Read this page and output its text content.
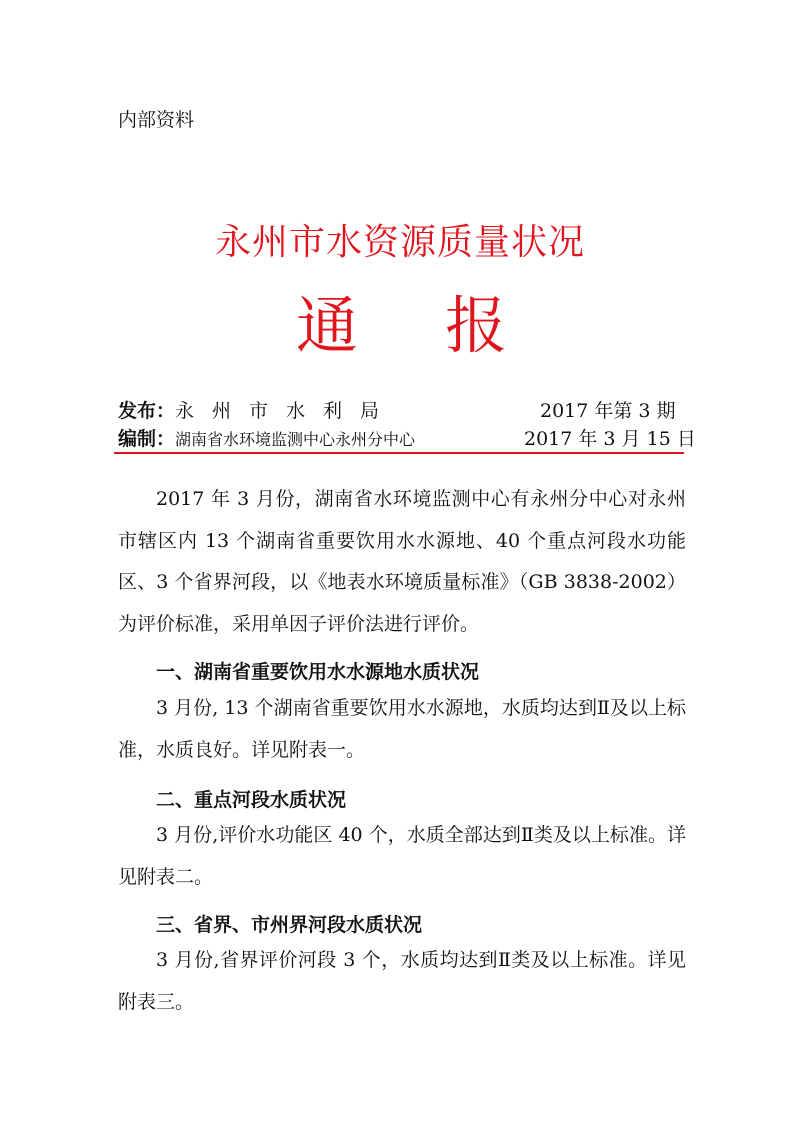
内部资料
永州市水资源质量状况
通 报
发布：永州市水利局	2017 年第 3 期
编制：湖南省水环境监测中心永州分中心	2017 年 3 月 15 日
2017 年 3 月份，湖南省水环境监测中心有永州分中心对永州市辖区内 13 个湖南省重要饮用水水源地、40 个重点河段水功能区、3 个省界河段，以《地表水环境质量标准》（GB 3838-2002）为评价标准，采用单因子评价法进行评价。
一、湖南省重要饮用水水源地水质状况
3 月份, 13 个湖南省重要饮用水水源地，水质均达到Ⅱ及以上标准，水质良好。详见附表一。
二、重点河段水质状况
3 月份,评价水功能区 40 个，水质全部达到Ⅱ类及以上标准。详见附表二。
三、省界、市州界河段水质状况
3 月份,省界评价河段 3 个，水质均达到Ⅱ类及以上标准。详见附表三。
